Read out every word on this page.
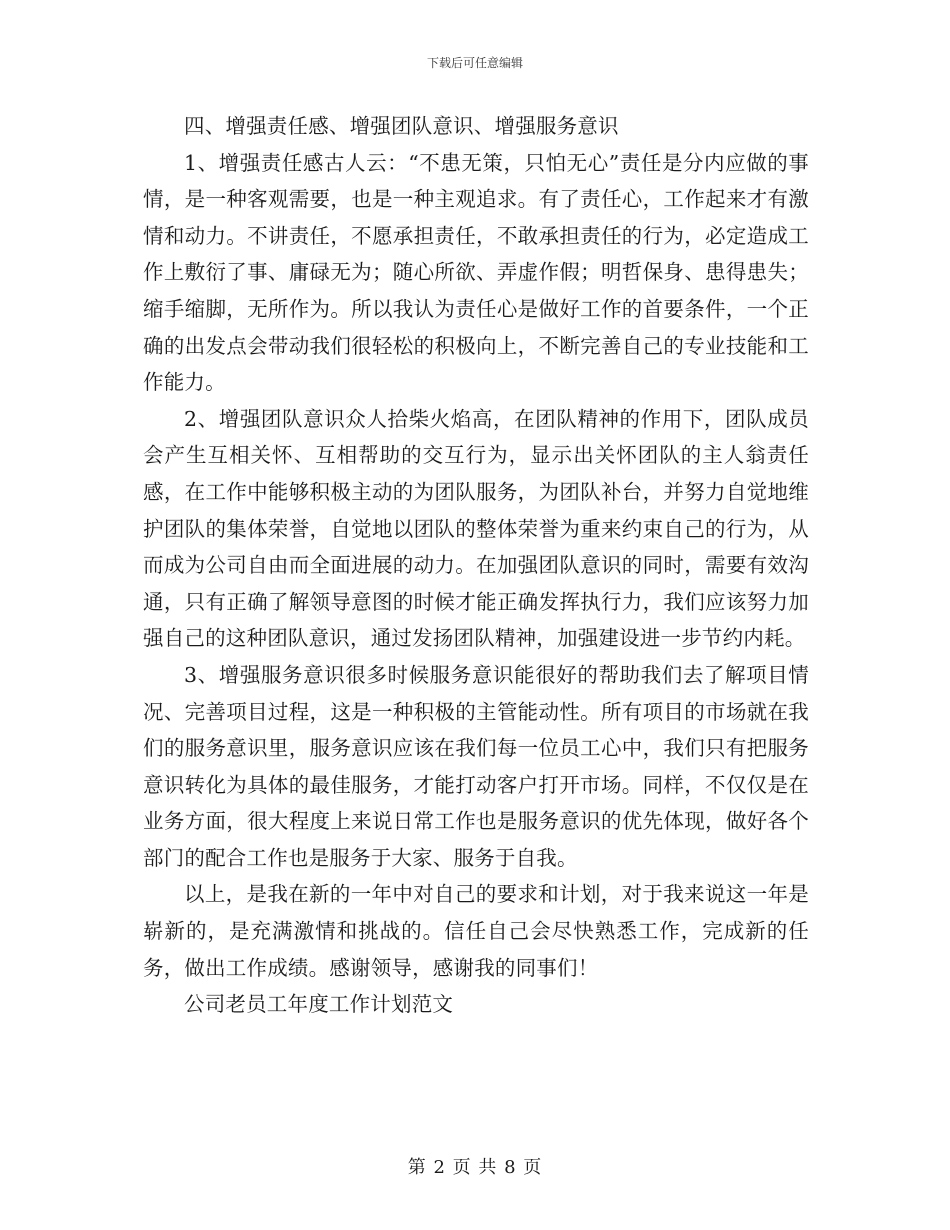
下载后可任意编辑

四、增强责任感、增强团队意识、增强服务意识

1、增强责任感古人云：“不患无策，只怕无心”责任是分内应做的事情，是一种客观需要，也是一种主观追求。有了责任心，工作起来才有激情和动力。不讲责任，不愿承担责任，不敢承担责任的行为，必定造成工作上敷衍了事、庸碌无为；随心所欲、弄虚作假；明哲保身、患得患失；缩手缩脚，无所作为。所以我认为责任心是做好工作的首要条件，一个正确的出发点会带动我们很轻松的积极向上，不断完善自己的专业技能和工作能力。

2、增强团队意识众人拾柴火焰高，在团队精神的作用下，团队成员会产生互相关怀、互相帮助的交互行为，显示出关怀团队的主人翁责任感，在工作中能够积极主动的为团队服务，为团队补台，并努力自觉地维护团队的集体荣誉，自觉地以团队的整体荣誉为重来约束自己的行为，从而成为公司自由而全面进展的动力。在加强团队意识的同时，需要有效沟通，只有正确了解领导意图的时候才能正确发挥执行力，我们应该努力加强自己的这种团队意识，通过发扬团队精神，加强建设进一步节约内耗。

3、增强服务意识很多时候服务意识能很好的帮助我们去了解项目情况、完善项目过程，这是一种积极的主管能动性。所有项目的市场就在我们的服务意识里，服务意识应该在我们每一位员工心中，我们只有把服务意识转化为具体的最佳服务，才能打动客户打开市场。同样，不仅仅是在业务方面，很大程度上来说日常工作也是服务意识的优先体现，做好各个部门的配合工作也是服务于大家、服务于自我。

以上，是我在新的一年中对自己的要求和计划，对于我来说这一年是崭新的，是充满激情和挑战的。信任自己会尽快熟悉工作，完成新的任务，做出工作成绩。感谢领导，感谢我的同事们！

公司老员工年度工作计划范文

第 2 页 共 8 页
